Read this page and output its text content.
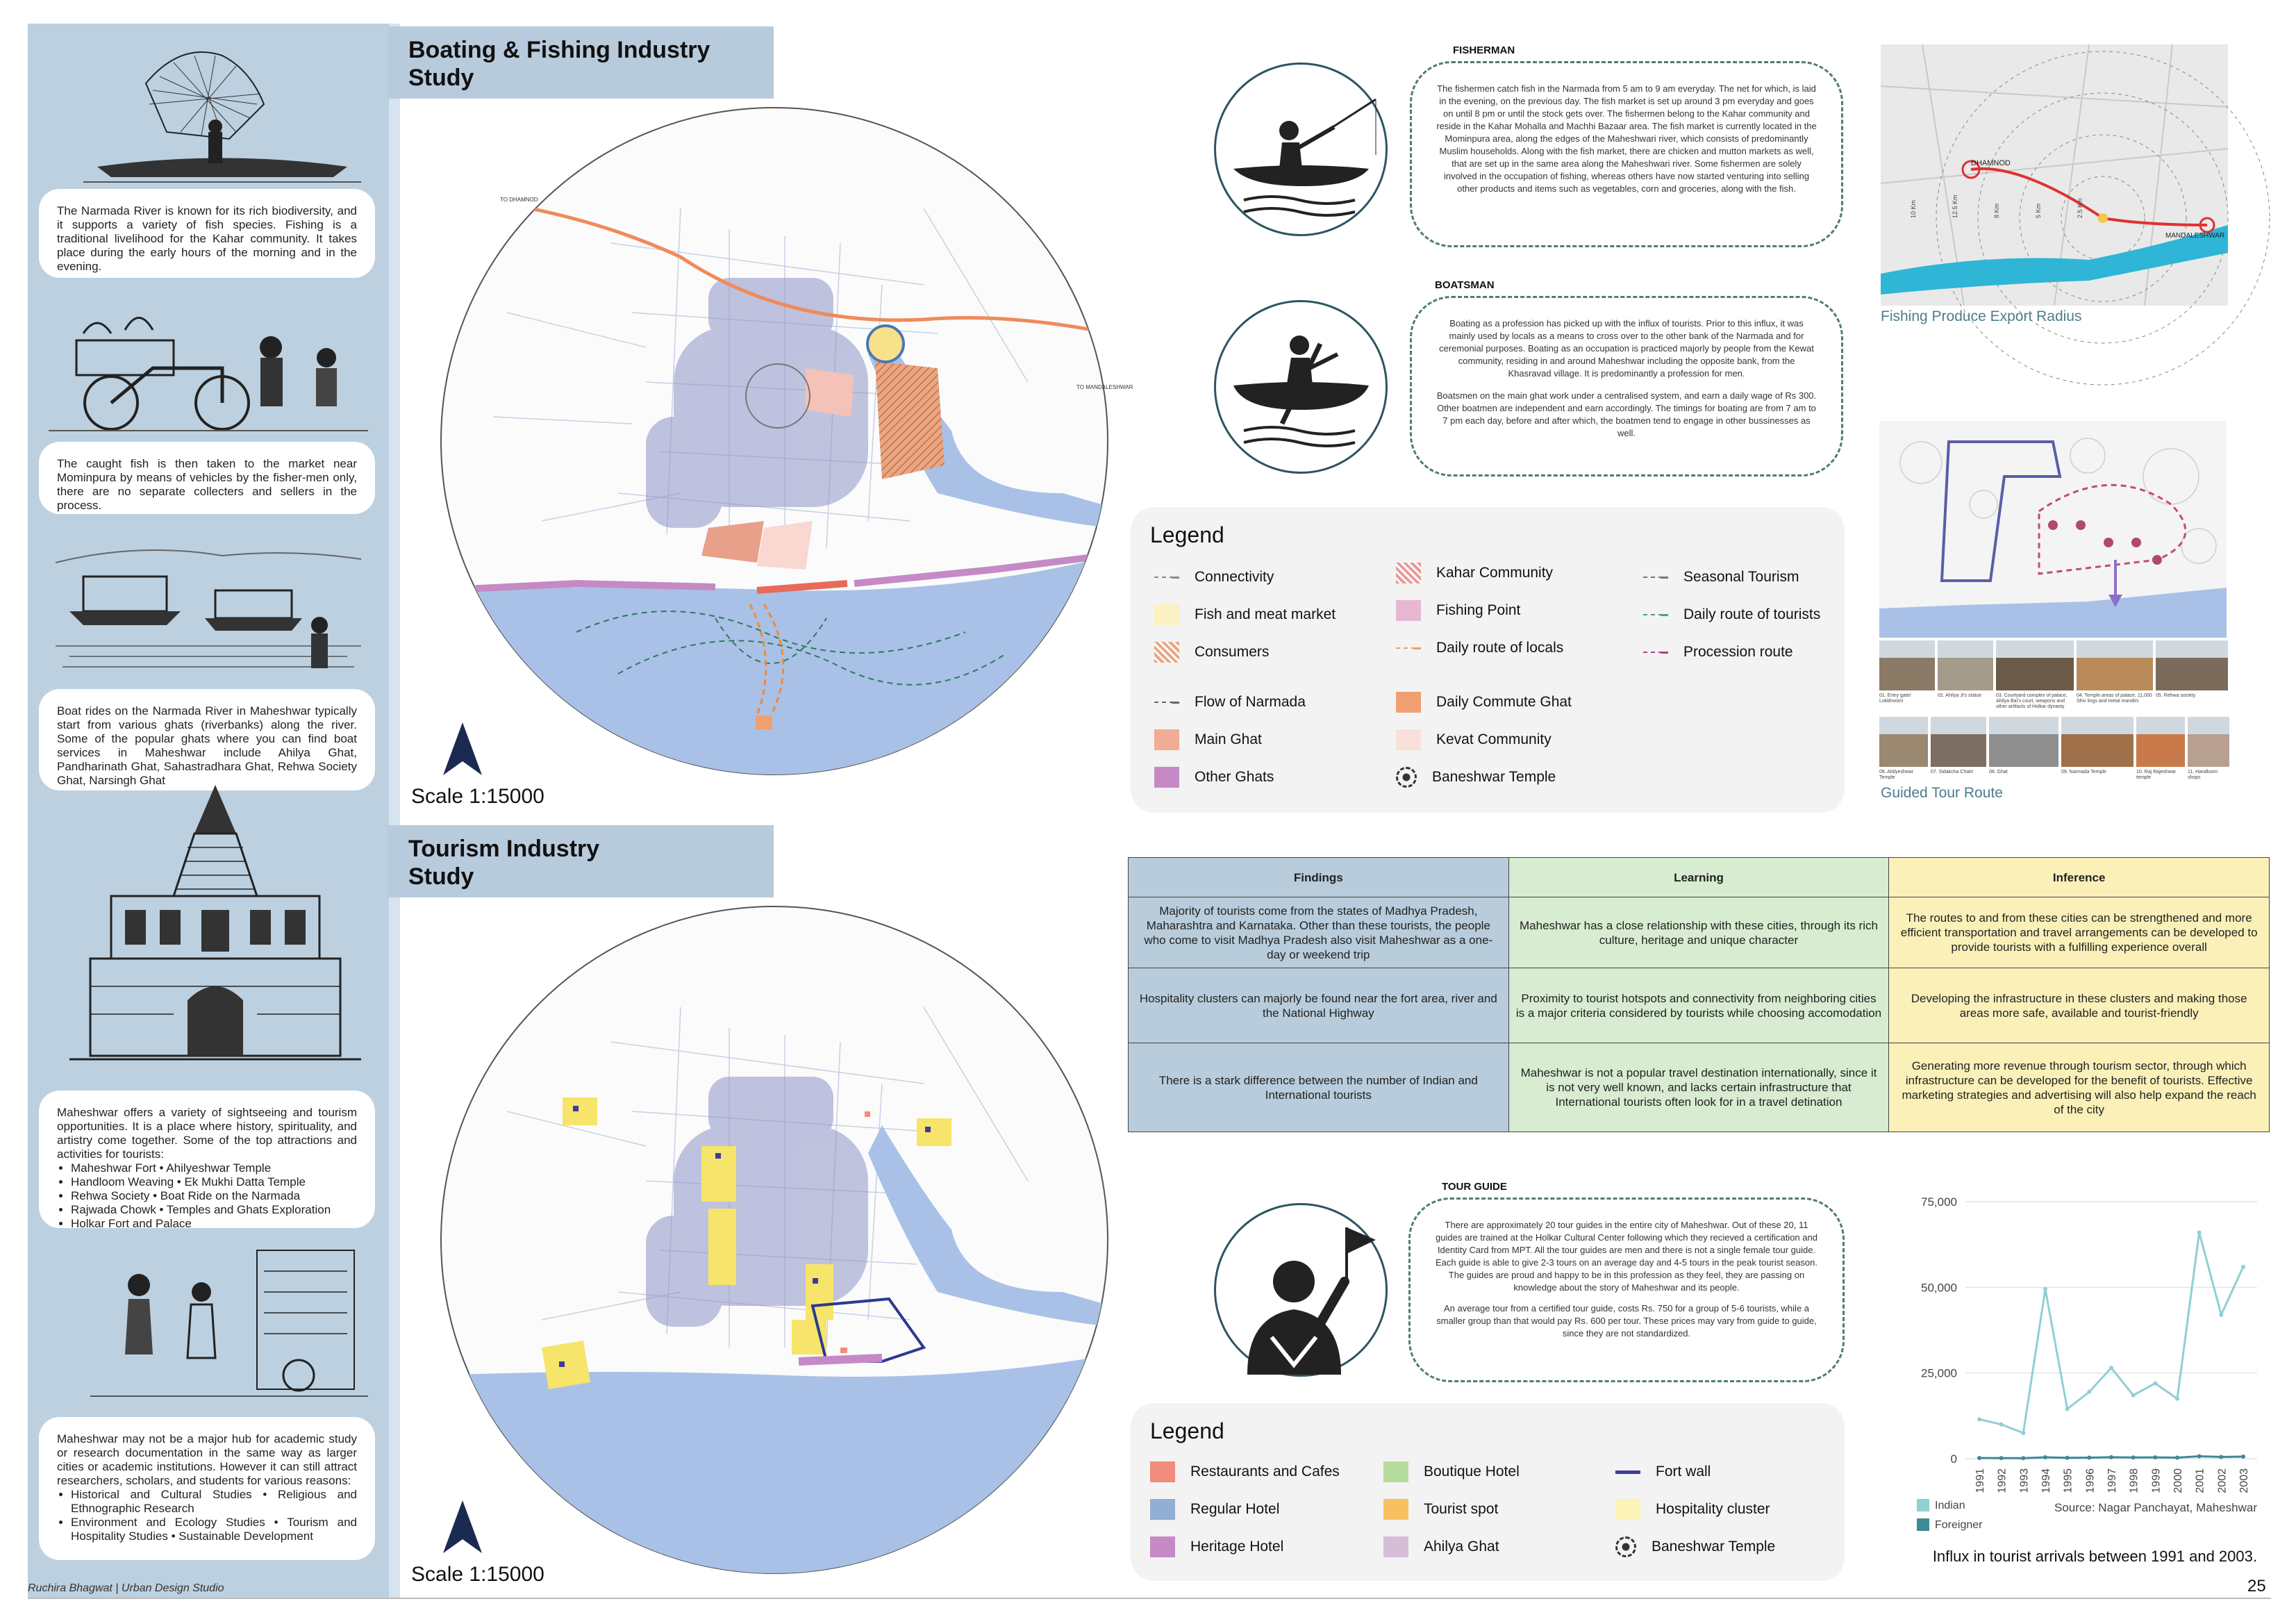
The Narmada River is known for its rich biodiversity, and it supports a variety of fish species. Fishing is a traditional livelihood for the Kahar community. It takes place during the early hours of the morning and in the evening.
The caught fish is then taken to the market near Mominpura by means of vehicles by the fisher-men only, there are no separate collecters and sellers in the process.
Boat rides on the Narmada River in Maheshwar typically start from various ghats (riverbanks) along the river. Some of the popular ghats where you can find boat services in Maheshwar include Ahilya Ghat, Pandharinath Ghat, Sahastradhara Ghat, Rehwa Society Ghat, Narsingh Ghat
Maheshwar offers a variety of sightseeing and tourism opportunities. It is a place where history, spirituality, and artistry come together. Some of the top attractions and activities for tourists:
• Maheshwar Fort • Ahilyeshwar Temple
• Handloom Weaving • Ek Mukhi Datta Temple
• Rehwa Society • Boat Ride on the Narmada
• Rajwada Chowk • Temples and Ghats Exploration
• Holkar Fort and Palace
Maheshwar may not be a major hub for academic study or research documentation in the same way as larger cities or academic institutions. However it can still attract researchers, scholars, and students for various reasons:
• Historical and Cultural Studies • Religious and Ethnographic Research
• Environment and Ecology Studies • Tourism and Hospitality Studies • Sustainable Development
Boating & Fishing Industry
Study
Tourism Industry
Study
TO DHAMNOD
TO MANDALESHWAR
Scale 1:15000
Scale 1:15000
FISHERMAN
The fishermen catch fish in the Narmada from 5 am to 9 am everyday. The net for which, is laid in the evening, on the previous day. The fish market is set up around 3 pm everyday and goes on until 8 pm or until the stock gets over. The fishermen belong to the Kahar community and reside in the Kahar Mohalla and Machhi Bazaar area. The fish market is currently located in the Mominpura area, along the edges of the Maheshwari river, which consists of predominantly Muslim households. Along with the fish market, there are chicken and mutton markets as well, that are set up in the same area along the Maheshwari river. Some fishermen are solely involved in the occupation of fishing, whereas others have now started venturing into selling other products and items such as vegetables, corn and groceries, along with the fish.
BOATSMAN
Boating as a profession has picked up with the influx of tourists. Prior to this influx, it was mainly used by locals as a means to cross over to the other bank of the Narmada and for ceremonial purposes. Boating as an occupation is practiced majorly by people from the Kewat community, residing in and around Maheshwar including the opposite bank, from the Khasravad village. It is predominantly a profession for men.
Boatsmen on the main ghat work under a centralised system, and earn a daily wage of Rs 300. Other boatmen are independent and earn accordingly. The timings for boating are from 7 am to 7 pm each day, before and after which, the boatmen tend to engage in other bussinesses as well.
Legend
Connectivity
Fish and meat market
Consumers
Flow of Narmada
Main Ghat
Other Ghats
Kahar Community
Fishing Point
Daily route of locals
Daily Commute Ghat
Kevat Community
Baneshwar Temple
Seasonal Tourism
Daily route of tourists
Procession route
DHAMNOD
MANDALESHWAR
10 Km	12.5 Km	8 Km	5 Km	2.5 Km
Fishing Produce Export Radius
01. Entry gate/ Lokbhoomi
02. Ahilya Ji's statue	03. Courtyard complex of palace, Ahilya Bai's court, weapons and other artifacts of Holkar dynasty
04. Temple areas of palace, 11,000 Shiv lings and metal mandirs
05. Rehwa society
06. Ahilyeshwar Temple
07. Sidakcha Chatri	08. Ghat	09. Narmada Temple	10. Raj Rajeshwar temple
11. Handloom shops
Guided Tour Route
Findings	Learning	Inference
Majority of tourists come from the states of Madhya Pradesh, Maharashtra and Karnataka. Other than these tourists, the people who come to visit Madhya Pradesh also visit Maheshwar as a one-day or weekend trip	Maheshwar has a close relationship with these cities, through its rich culture, heritage and unique character	The routes to and from these cities can be strengthened and more efficient transportation and travel arrangements can be developed to provide tourists with a fulfilling experience overall
Hospitality clusters can majorly be found near the fort area, river and the National Highway	Proximity to tourist hotspots and connectivity from neighboring cities is a major criteria considered by tourists while choosing accomodation	Developing the infrastructure in these clusters and making those areas more safe, available and tourist-friendly
There is a stark difference between the number of Indian and International tourists	Maheshwar is not a popular travel destination internationally, since it is not very well known, and lacks certain infrastructure that International tourists often look for in a travel detination	Generating more revenue through tourism sector, through which infrastructure can be developed for the benefit of tourists. Effective marketing strategies and advertising will also help expand the reach of the city
TOUR GUIDE
There are approximately 20 tour guides in the entire city of Maheshwar. Out of these 20, 11 guides are trained at the Holkar Cultural Center following which they recieved a certification and Identity Card from MPT. All the tour guides are men and there is not a single female tour guide. Each guide is able to give 2-3 tours on an average day and 4-5 tours in the peak tourist season. The guides are proud and happy to be in this profession as they feel, they are passing on knowledge about the story of Maheshwar and its people.
An average tour from a certified tour guide, costs Rs. 750 for a group of 5-6 tourists, while a smaller group than that would pay Rs. 600 per tour. These prices may vary from guide to guide, since they are not standardized.
Legend
Restaurants and Cafes
Regular Hotel
Heritage Hotel
Boutique Hotel
Tourist spot
Ahilya Ghat
Fort wall
Hospitality cluster
Baneshwar Temple
75,000
50,000
25,000
0
1991 1992 1993 1994 1995 1996 1997 1998 1999 2000 2001 2002 2003
Indian
Foreigner
Source: Nagar Panchayat, Maheshwar
Influx in tourist arrivals between 1991 and 2003.
Ruchira Bhagwat | Urban Design Studio	25
